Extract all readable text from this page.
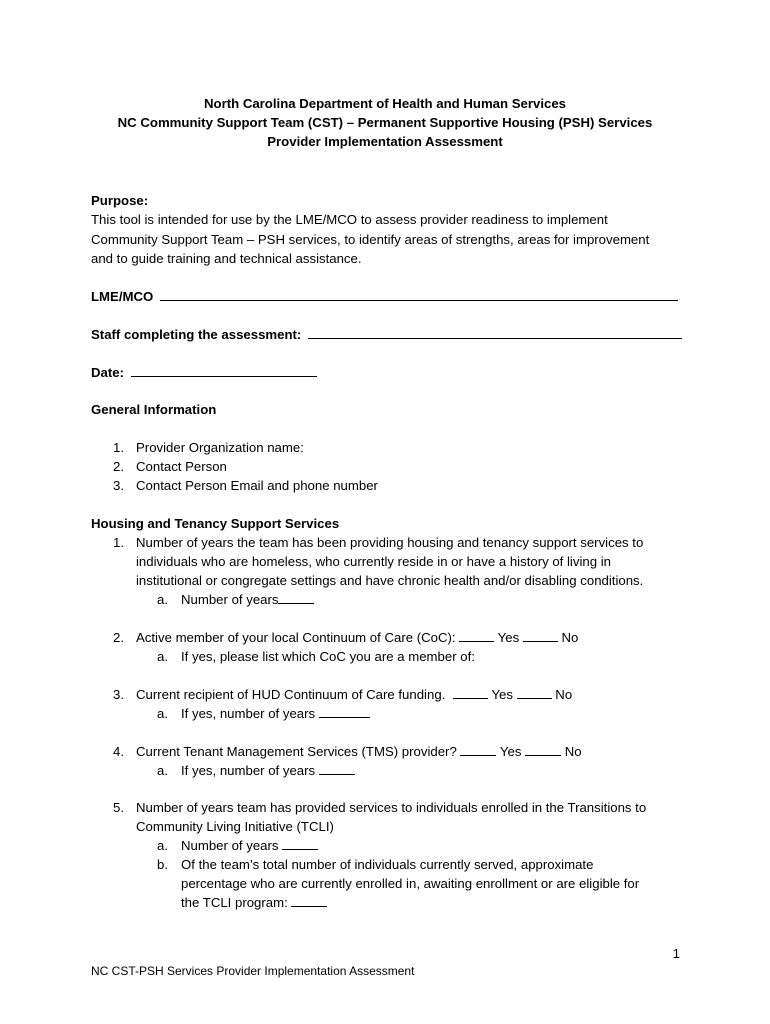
North Carolina Department of Health and Human Services
NC Community Support Team (CST) – Permanent Supportive Housing (PSH) Services
Provider Implementation Assessment
Purpose:
This tool is intended for use by the LME/MCO to assess provider readiness to implement
Community Support Team – PSH services, to identify areas of strengths, areas for improvement
and to guide training and technical assistance.
LME/MCO
Staff completing the assessment:
Date:
General Information
1. Provider Organization name:
2. Contact Person
3. Contact Person Email and phone number
Housing and Tenancy Support Services
1. Number of years the team has been providing housing and tenancy support services to
individuals who are homeless, who currently reside in or have a history of living in
institutional or congregate settings and have chronic health and/or disabling conditions.
a. Number of years
2. Active member of your local Continuum of Care (CoC):	Yes	No
a. If yes, please list which CoC you are a member of:
3. Current recipient of HUD Continuum of Care funding.	Yes	No
a. If yes, number of years
4. Current Tenant Management Services (TMS) provider?	Yes	No
a. If yes, number of years
5. Number of years team has provided services to individuals enrolled in the Transitions to
Community Living Initiative (TCLI)
a. Number of years
b. Of the team’s total number of individuals currently served, approximate
percentage who are currently enrolled in, awaiting enrollment or are eligible for
the TCLI program:
1
NC CST-PSH Services Provider Implementation Assessment
